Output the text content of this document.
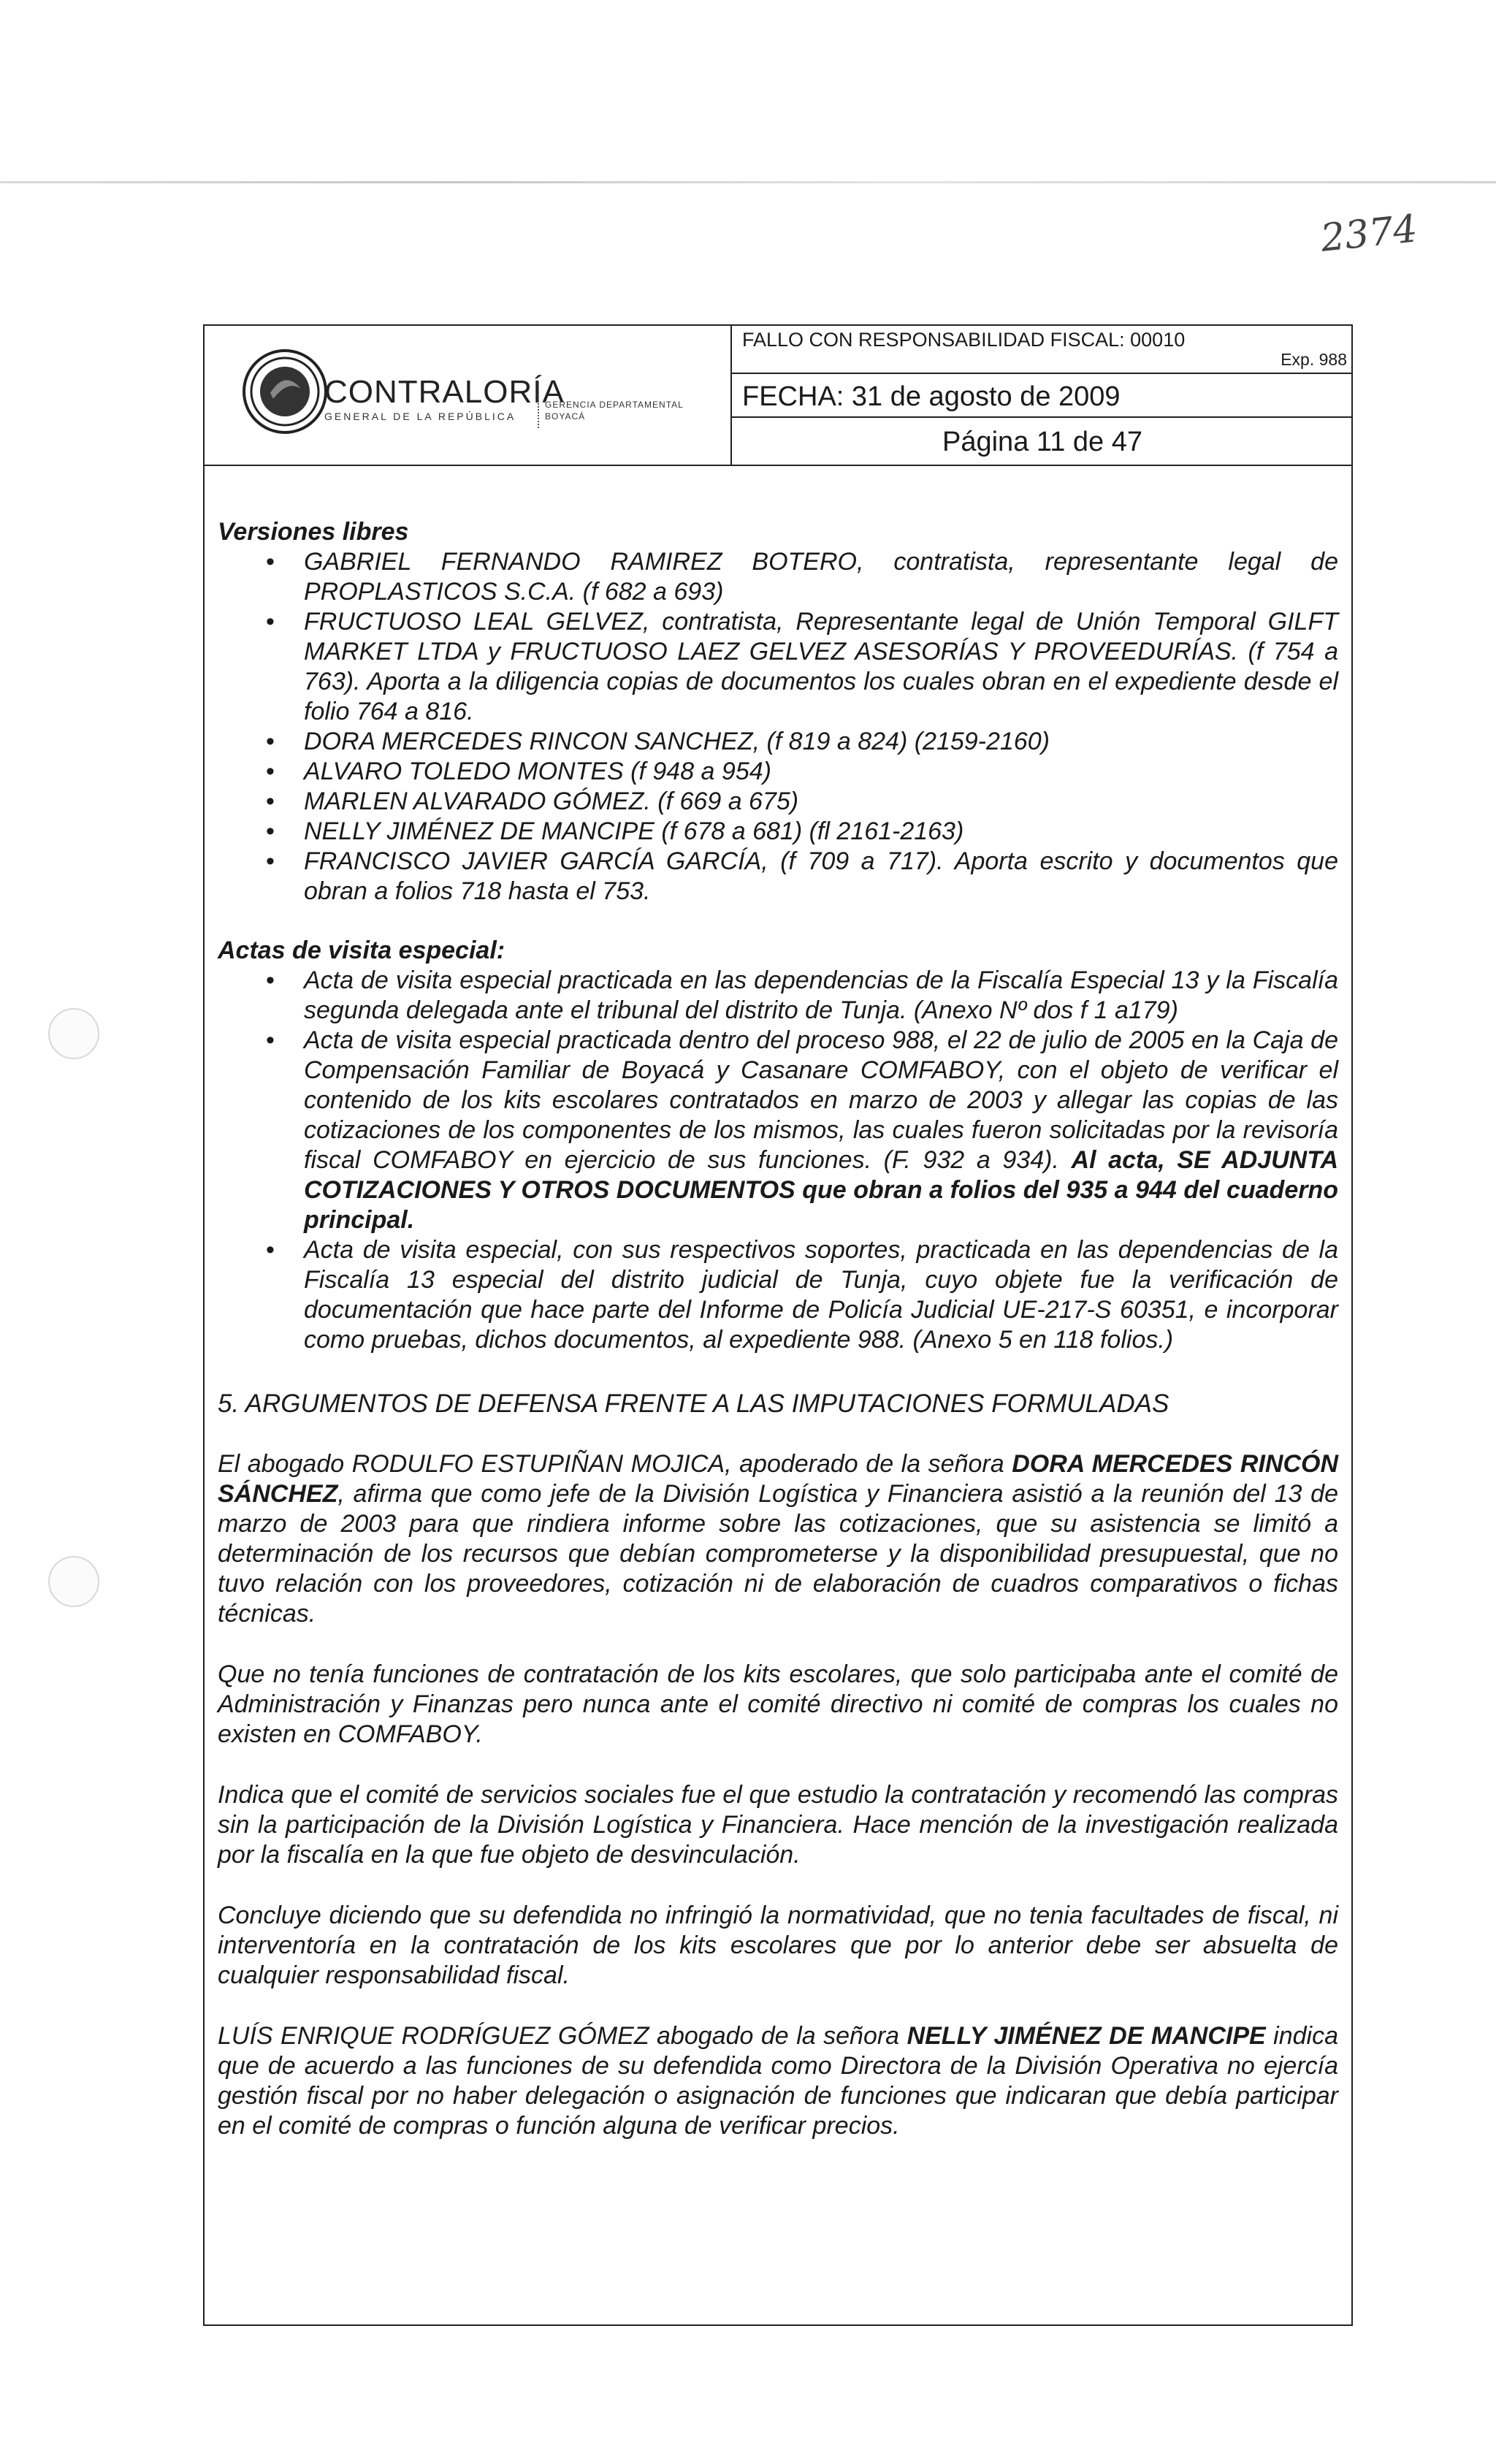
2374
CONTRALORÍA
GENERAL DE LA REPÚBLICA
GERENCIA DEPARTAMENTAL
BOYACÁ
FALLO CON RESPONSABILIDAD FISCAL: 00010
Exp. 988
FECHA: 31 de agosto de 2009
Página 11 de 47

Versiones libres

• GABRIEL FERNANDO RAMIREZ BOTERO, contratista, representante legal de PROPLASTICOS S.C.A. (f 682 a 693)
• FRUCTUOSO LEAL GELVEZ, contratista, Representante legal de Unión Temporal GILFT MARKET LTDA y FRUCTUOSO LAEZ GELVEZ ASESORÍAS Y PROVEEDURÍAS. (f 754 a 763). Aporta a la diligencia copias de documentos los cuales obran en el expediente desde el folio 764 a 816.
• DORA MERCEDES RINCON SANCHEZ, (f 819 a 824) (2159-2160)
• ALVARO TOLEDO MONTES (f 948 a 954)
• MARLEN ALVARADO GÓMEZ. (f 669 a 675)
• NELLY JIMÉNEZ DE MANCIPE (f 678 a 681) (fl 2161-2163)
• FRANCISCO JAVIER GARCÍA GARCÍA, (f 709 a 717). Aporta escrito y documentos que obran a folios 718 hasta el 753.

Actas de visita especial:

• Acta de visita especial practicada en las dependencias de la Fiscalía Especial 13 y la Fiscalía segunda delegada ante el tribunal del distrito de Tunja. (Anexo Nº dos f 1 a179)
• Acta de visita especial practicada dentro del proceso 988, el 22 de julio de 2005 en la Caja de Compensación Familiar de Boyacá y Casanare COMFABOY, con el objeto de verificar el contenido de los kits escolares contratados en marzo de 2003 y allegar las copias de las cotizaciones de los componentes de los mismos, las cuales fueron solicitadas por la revisoría fiscal COMFABOY en ejercicio de sus funciones. (F. 932 a 934). Al acta, SE ADJUNTA COTIZACIONES Y OTROS DOCUMENTOS que obran a folios del 935 a 944 del cuaderno principal.
• Acta de visita especial, con sus respectivos soportes, practicada en las dependencias de la Fiscalía 13 especial del distrito judicial de Tunja, cuyo objete fue la verificación de documentación que hace parte del Informe de Policía Judicial UE-217-S 60351, e incorporar como pruebas, dichos documentos, al expediente 988. (Anexo 5 en 118 folios.)

5. ARGUMENTOS DE DEFENSA FRENTE A LAS IMPUTACIONES FORMULADAS

El abogado RODULFO ESTUPIÑAN MOJICA, apoderado de la señora DORA MERCEDES RINCÓN SÁNCHEZ, afirma que como jefe de la División Logística y Financiera asistió a la reunión del 13 de marzo de 2003 para que rindiera informe sobre las cotizaciones, que su asistencia se limitó a determinación de los recursos que debían comprometerse y la disponibilidad presupuestal, que no tuvo relación con los proveedores, cotización ni de elaboración de cuadros comparativos o fichas técnicas.

Que no tenía funciones de contratación de los kits escolares, que solo participaba ante el comité de Administración y Finanzas pero nunca ante el comité directivo ni comité de compras los cuales no existen en COMFABOY.

Indica que el comité de servicios sociales fue el que estudio la contratación y recomendó las compras sin la participación de la División Logística y Financiera. Hace mención de la investigación realizada por la fiscalía en la que fue objeto de desvinculación.

Concluye diciendo que su defendida no infringió la normatividad, que no tenia facultades de fiscal, ni interventoría en la contratación de los kits escolares que por lo anterior debe ser absuelta de cualquier responsabilidad fiscal.

LUÍS ENRIQUE RODRÍGUEZ GÓMEZ abogado de la señora NELLY JIMÉNEZ DE MANCIPE indica que de acuerdo a las funciones de su defendida como Directora de la División Operativa no ejercía gestión fiscal por no haber delegación o asignación de funciones que indicaran que debía participar en el comité de compras o función alguna de verificar precios.
